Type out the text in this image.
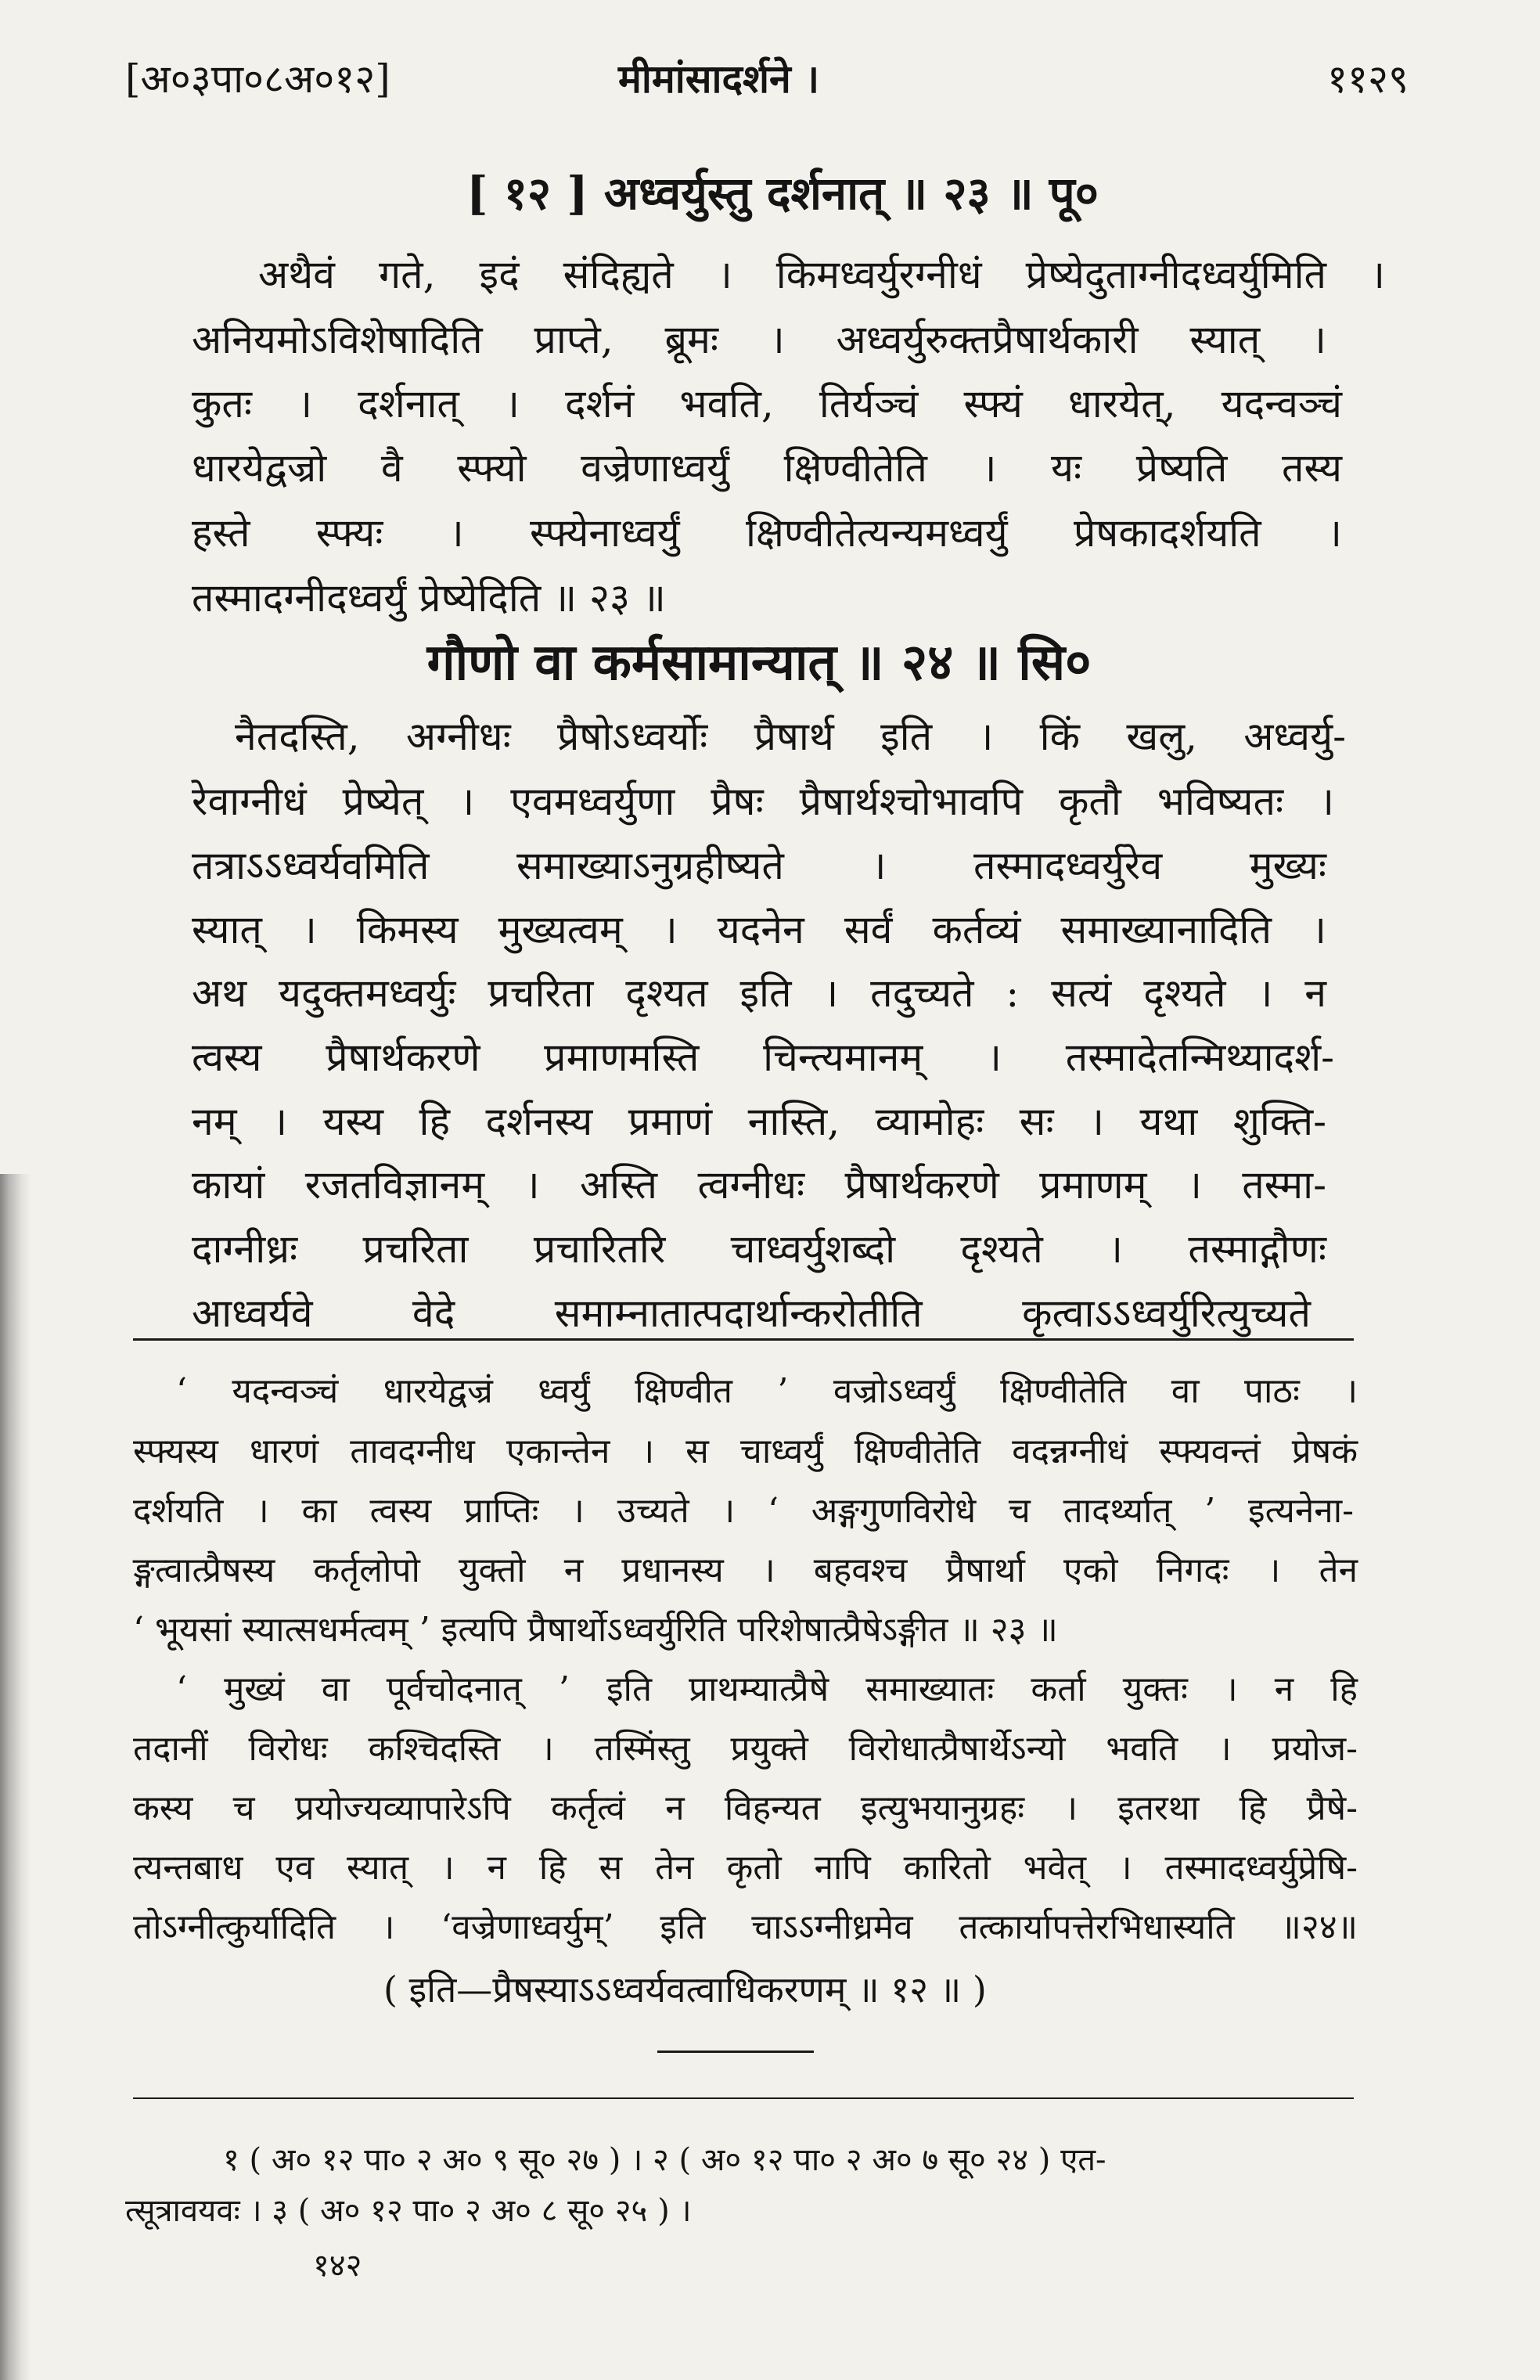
[अ०३पा०८अ०१२]	मीमांसादर्शने ।	११२९
[ १२ ] अध्वर्युस्तु दर्शनात् ॥ २३ ॥ पू०
अथैवं गते, इदं संदिह्यते । किमध्वर्युरग्नीधं प्रेष्येदुताग्नीदध्वर्युमिति ।
अनियमोऽविशेषादिति प्राप्ते, ब्रूमः । अध्वर्युरुक्तप्रैषार्थकारी स्यात् ।
कुतः । दर्शनात् । दर्शनं भवति, तिर्यञ्चं स्फ्यं धारयेत्, यदन्वञ्चं
धारयेद्वज्रो वै स्फ्यो वज्रेणाध्वर्युं क्षिण्वीतेति । यः प्रेष्यति तस्य
हस्ते स्फ्यः । स्फ्येनाध्वर्युं क्षिण्वीतेत्यन्यमध्वर्युं प्रेषकादर्शयति ।
तस्मादग्नीदध्वर्युं प्रेष्येदिति ॥ २३ ॥
गौणो वा कर्मसामान्यात् ॥ २४ ॥ सि०
नैतदस्ति, अग्नीधः प्रैषोऽध्वर्योः प्रैषार्थ इति । किं खलु, अध्वर्यु-
रेवाग्नीधं प्रेष्येत् । एवमध्वर्युणा प्रैषः प्रैषार्थश्चोभावपि कृतौ भविष्यतः ।
तत्राऽऽध्वर्यवमिति समाख्याऽनुग्रहीष्यते । तस्मादध्वर्युरेव मुख्यः
स्यात् । किमस्य मुख्यत्वम् । यदनेन सर्वं कर्तव्यं समाख्यानादिति ।
अथ यदुक्तमध्वर्युः प्रचरिता दृश्यत इति । तदुच्यते : सत्यं दृश्यते । न
त्वस्य प्रैषार्थकरणे प्रमाणमस्ति चिन्त्यमानम् । तस्मादेतन्मिथ्यादर्श-
नम् । यस्य हि दर्शनस्य प्रमाणं नास्ति, व्यामोहः सः । यथा शुक्ति-
कायां रजतविज्ञानम् । अस्ति त्वग्नीधः प्रैषार्थकरणे प्रमाणम् । तस्मा-
दाग्नीध्रः प्रचरिता प्रचारितरि चाध्वर्युशब्दो दृश्यते । तस्माद्गौणः
आध्वर्यवे वेदे समाम्नातात्पदार्थान्करोतीति कृत्वाऽऽध्वर्युरित्युच्यते
‘ यदन्वञ्चं धारयेद्वज्रं ध्वर्युं क्षिण्वीत ’ वज्रोऽध्वर्युं क्षिण्वीतेति वा पाठः ।
स्फ्यस्य धारणं तावदग्नीध एकान्तेन । स चाध्वर्युं क्षिण्वीतेति वदन्नग्नीधं स्फ्यवन्तं प्रेषकं
दर्शयति । का त्वस्य प्राप्तिः । उच्यते । ‘ अङ्गगुणविरोधे च तादर्थ्यात् ’ इत्यनेना-
ङ्गत्वात्प्रैषस्य कर्तृलोपो युक्तो न प्रधानस्य । बहवश्च प्रैषार्था एको निगदः । तेन
‘ भूयसां स्यात्सधर्मत्वम् ’ इत्यपि प्रैषार्थोऽध्वर्युरिति परिशेषात्प्रैषेऽङ्गीत ॥ २३ ॥
‘ मुख्यं वा पूर्वचोदनात् ’ इति प्राथम्यात्प्रैषे समाख्यातः कर्ता युक्तः । न हि
तदानीं विरोधः कश्चिदस्ति । तस्मिंस्तु प्रयुक्ते विरोधात्प्रैषार्थेऽन्यो भवति । प्रयोज-
कस्य च प्रयोज्यव्यापारेऽपि कर्तृत्वं न विहन्यत इत्युभयानुग्रहः । इतरथा हि प्रैषे-
त्यन्तबाध एव स्यात् । न हि स तेन कृतो नापि कारितो भवेत् । तस्मादध्वर्युप्रेषि-
तोऽग्नीत्कुर्यादिति । ‘वज्रेणाध्वर्युम्’ इति चाऽऽग्नीध्रमेव तत्कार्यापत्तेरभिधास्यति ॥२४॥
( इति—प्रैषस्याऽऽध्वर्यवत्वाधिकरणम् ॥ १२ ॥ )
१ ( अ० १२ पा० २ अ० ९ सू० २७ ) । २ ( अ० १२ पा० २ अ० ७ सू० २४ ) एत-
त्सूत्रावयवः । ३ ( अ० १२ पा० २ अ० ८ सू० २५ ) ।
१४२
